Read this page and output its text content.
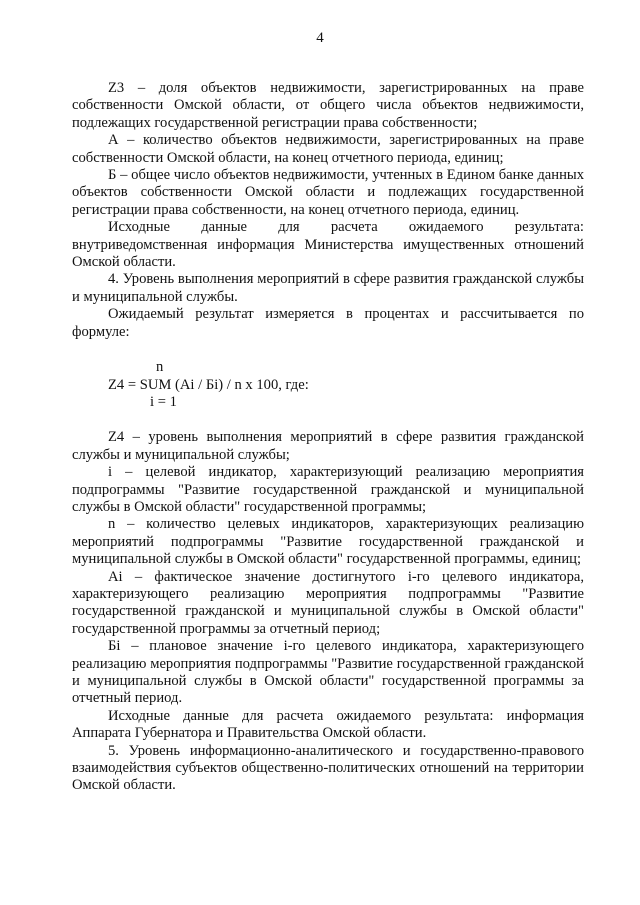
4

Z3 – доля объектов недвижимости, зарегистрированных на праве собственности Омской области, от общего числа объектов недвижимости, подлежащих государственной регистрации права собственности;

А – количество объектов недвижимости, зарегистрированных на праве собственности Омской области, на конец отчетного периода, единиц;

Б – общее число объектов недвижимости, учтенных в Едином банке данных объектов собственности Омской области и подлежащих государственной регистрации права собственности, на конец отчетного периода, единиц.

Исходные данные для расчета ожидаемого результата: внутриведомственная информация Министерства имущественных отношений Омской области.

4. Уровень выполнения мероприятий в сфере развития гражданской службы и муниципальной службы.

Ожидаемый результат измеряется в процентах и рассчитывается по формуле:

n
Z4 = SUM (Ai / Бi) / n х 100, где:
i = 1

Z4 – уровень выполнения мероприятий в сфере развития гражданской службы и муниципальной службы;

i – целевой индикатор, характеризующий реализацию мероприятия подпрограммы "Развитие государственной гражданской и муниципальной службы в Омской области" государственной программы;

n – количество целевых индикаторов, характеризующих реализацию мероприятий подпрограммы "Развитие государственной гражданской и муниципальной службы в Омской области" государственной программы, единиц;

Ai – фактическое значение достигнутого i-го целевого индикатора, характеризующего реализацию мероприятия подпрограммы "Развитие государственной гражданской и муниципальной службы в Омской области" государственной программы за отчетный период;

Бi – плановое значение i-го целевого индикатора, характеризующего реализацию мероприятия подпрограммы "Развитие государственной гражданской и муниципальной службы в Омской области" государственной программы за отчетный период.

Исходные данные для расчета ожидаемого результата: информация Аппарата Губернатора и Правительства Омской области.

5. Уровень информационно-аналитического и государственно-правового взаимодействия субъектов общественно-политических отношений на территории Омской области.
